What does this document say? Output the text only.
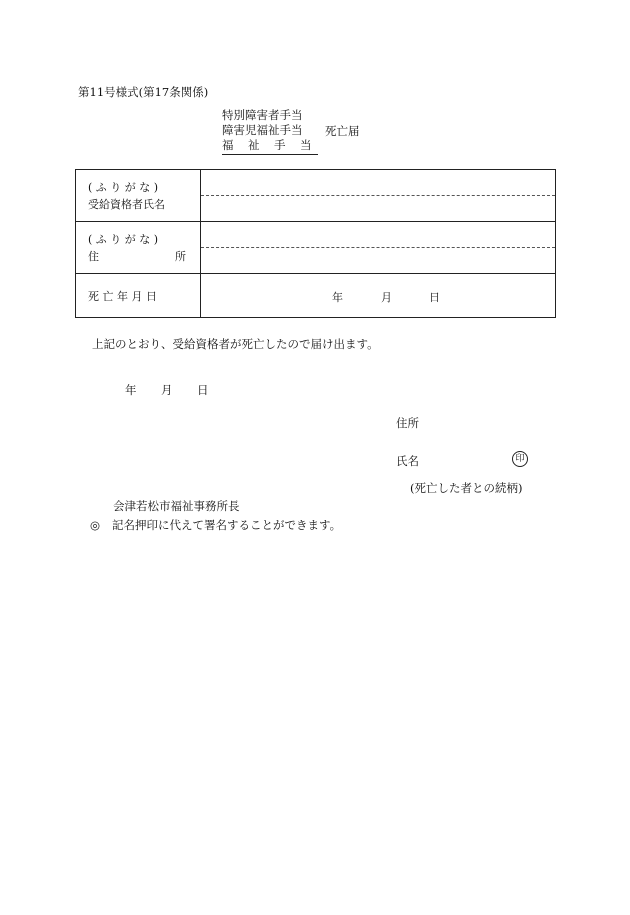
第11号様式(第17条関係)
特別障害者手当
障害児福祉手当
福 祉 手 当
死亡届
( ふ り が な )
受給資格者氏名	

( ふ り が な )
住 所	

死 亡 年 月 日	年 月 日
上記のとおり、受給資格者が死亡したので届け出ます。
年 月 日
住所
氏名	印
(死亡した者との続柄)
会津若松市福祉事務所長
◎ 記名押印に代えて署名することができます。
